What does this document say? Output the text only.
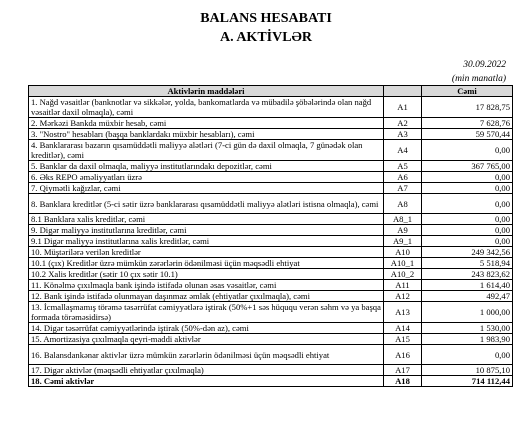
BALANS HESABATI
A. AKTİVLƏR
30.09.2022
(min manatla)
Aktivlərin maddələri		Cəmi
1. Nağd vəsaitlər (banknotlar və sikkələr, yolda, bankomatlarda və mübadilə şöbələrində olan nağd vəsaitlər daxil olmaqla), cəmi	A1	17 828,75
2. Mərkəzi Bankda müxbir hesab, cəmi	A2	7 628,76
3. "Nostro" hesabları (başqa banklardakı müxbir hesabları), cəmi	A3	59 570,44
4. Banklararası bazarın qısamüddətli maliyyə alətləri (7-ci gün də daxil olmaqla, 7 günədək olan kreditlər), cəmi	A4	0,00
5. Banklar da daxil olmaqla, maliyyə institutlarındakı depozitlər, cəmi	A5	367 765,00
6. Əks REPO əməliyyatları üzrə	A6	0,00
7. Qiymətli kağızlar, cəmi	A7	0,00
8. Banklara kreditlər (5-ci sətir üzrə banklararası qısamüddətli maliyyə alətləri istisna olmaqla), cəmi	A8	0,00
8.1 Banklara xalis kreditlər, cəmi	A8_1	0,00
9. Digər maliyyə institutlarına kreditlər, cəmi	A9	0,00
9.1 Digər maliyyə institutlarına xalis kreditlər, cəmi	A9_1	0,00
10. Müştərilərə verilən kreditlər	A10	249 342,56
10.1 (çıx) Kreditlər üzrə mümkün zərərlərin ödənilməsi üçün məqsədli ehtiyat	A10_1	5 518,94
10.2 Xalis kreditlər (sətir 10 çıx sətir 10.1)	A10_2	243 823,62
11. Könəlmə çıxılmaqla bank işində istifadə olunan əsas vəsaitlər, cəmi	A11	1 614,40
12. Bank işində istifadə olunmayan daşınmaz əmlak (ehtiyatlar çıxılmaqla), cəmi	A12	492,47
13. İcmallaşmamış törəmə təsərrüfat cəmiyyətlərə iştirak (50%+1 səs hüququ verən səhm və ya başqa formada törəməsidirsə)	A13	1 000,00
14. Digər təsərrüfat cəmiyyətlərində iştirak (50%-dən az), cəmi	A14	1 530,00
15. Amortizasiya çıxılmaqla qeyri-maddi aktivlər	A15	1 983,90
16. Balansdankənar aktivlər üzrə mümkün zərərlərin ödənilməsi üçün məqsədli ehtiyat	A16	0,00
17. Digər aktivlər (məqsədli ehtiyatlar çıxılmaqla)	A17	10 875,10
18. Cəmi aktivlər	A18	714 112,44
